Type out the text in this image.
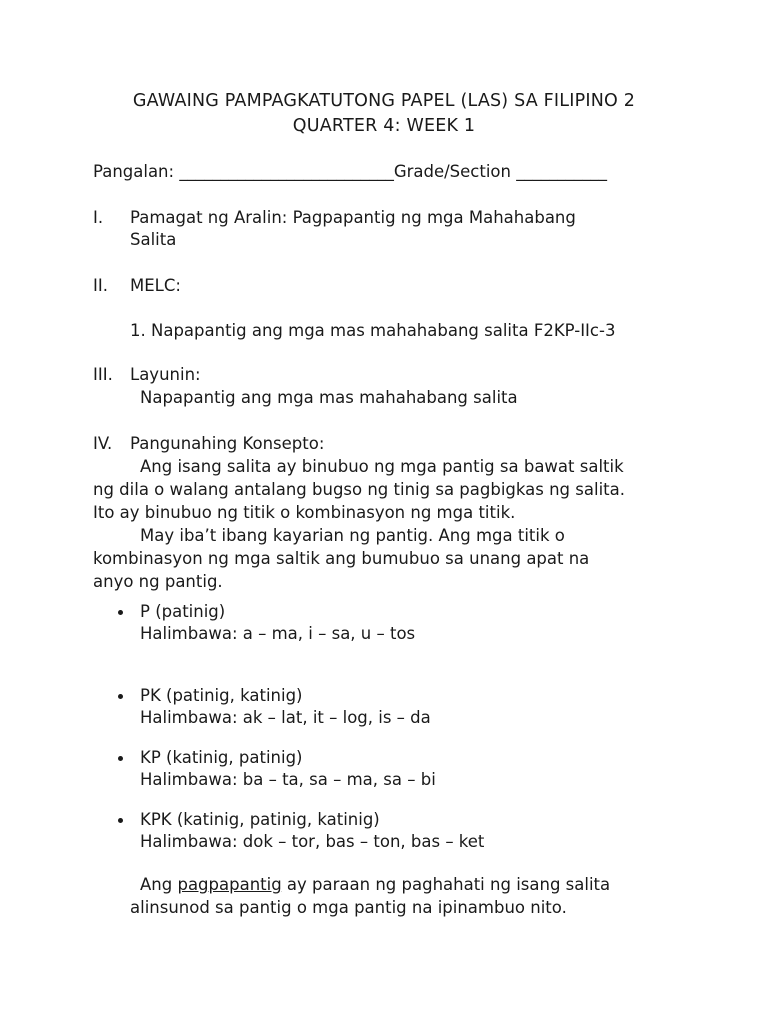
GAWAING PAMPAGKATUTONG PAPEL (LAS) SA FILIPINO 2
QUARTER 4: WEEK 1
Pangalan: __________________________Grade/Section ___________
I. Pamagat ng Aralin: Pagpapantig ng mga Mahahabang
Salita
II. MELC:
1. Napapantig ang mga mas mahahabang salita F2KP-IIc-3
III. Layunin:
Napapantig ang mga mas mahahabang salita
IV. Pangunahing Konsepto:
Ang isang salita ay binubuo ng mga pantig sa bawat saltik
ng dila o walang antalang bugso ng tinig sa pagbigkas ng salita.
Ito ay binubuo ng titik o kombinasyon ng mga titik.
May iba’t ibang kayarian ng pantig. Ang mga titik o
kombinasyon ng mga saltik ang bumubuo sa unang apat na
anyo ng pantig.
P (patinig)
Halimbawa: a – ma, i – sa, u – tos
PK (patinig, katinig)
Halimbawa: ak – lat, it – log, is – da
KP (katinig, patinig)
Halimbawa: ba – ta, sa – ma, sa – bi
KPK (katinig, patinig, katinig)
Halimbawa: dok – tor, bas – ton, bas – ket
Ang pagpapantig ay paraan ng paghahati ng isang salita
alinsunod sa pantig o mga pantig na ipinambuo nito.
